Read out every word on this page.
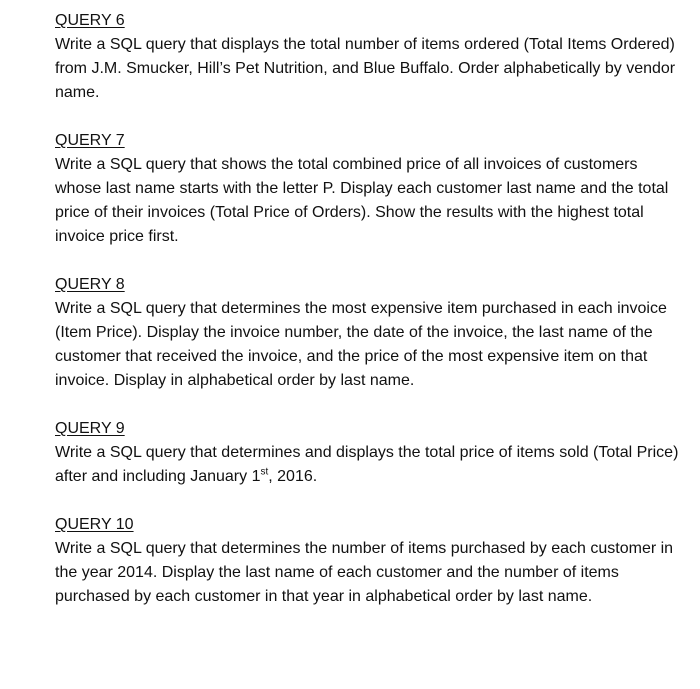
QUERY 6

Write a SQL query that displays the total number of items ordered (Total Items Ordered) from J.M. Smucker, Hill’s Pet Nutrition, and Blue Buffalo. Order alphabetically by vendor name.

QUERY 7

Write a SQL query that shows the total combined price of all invoices of customers whose last name starts with the letter P. Display each customer last name and the total price of their invoices (Total Price of Orders). Show the results with the highest total invoice price first.

QUERY 8

Write a SQL query that determines the most expensive item purchased in each invoice (Item Price). Display the invoice number, the date of the invoice, the last name of the customer that received the invoice, and the price of the most expensive item on that invoice. Display in alphabetical order by last name.

QUERY 9

Write a SQL query that determines and displays the total price of items sold (Total Price) after and including January 1st, 2016.

QUERY 10

Write a SQL query that determines the number of items purchased by each customer in the year 2014. Display the last name of each customer and the number of items purchased by each customer in that year in alphabetical order by last name.
